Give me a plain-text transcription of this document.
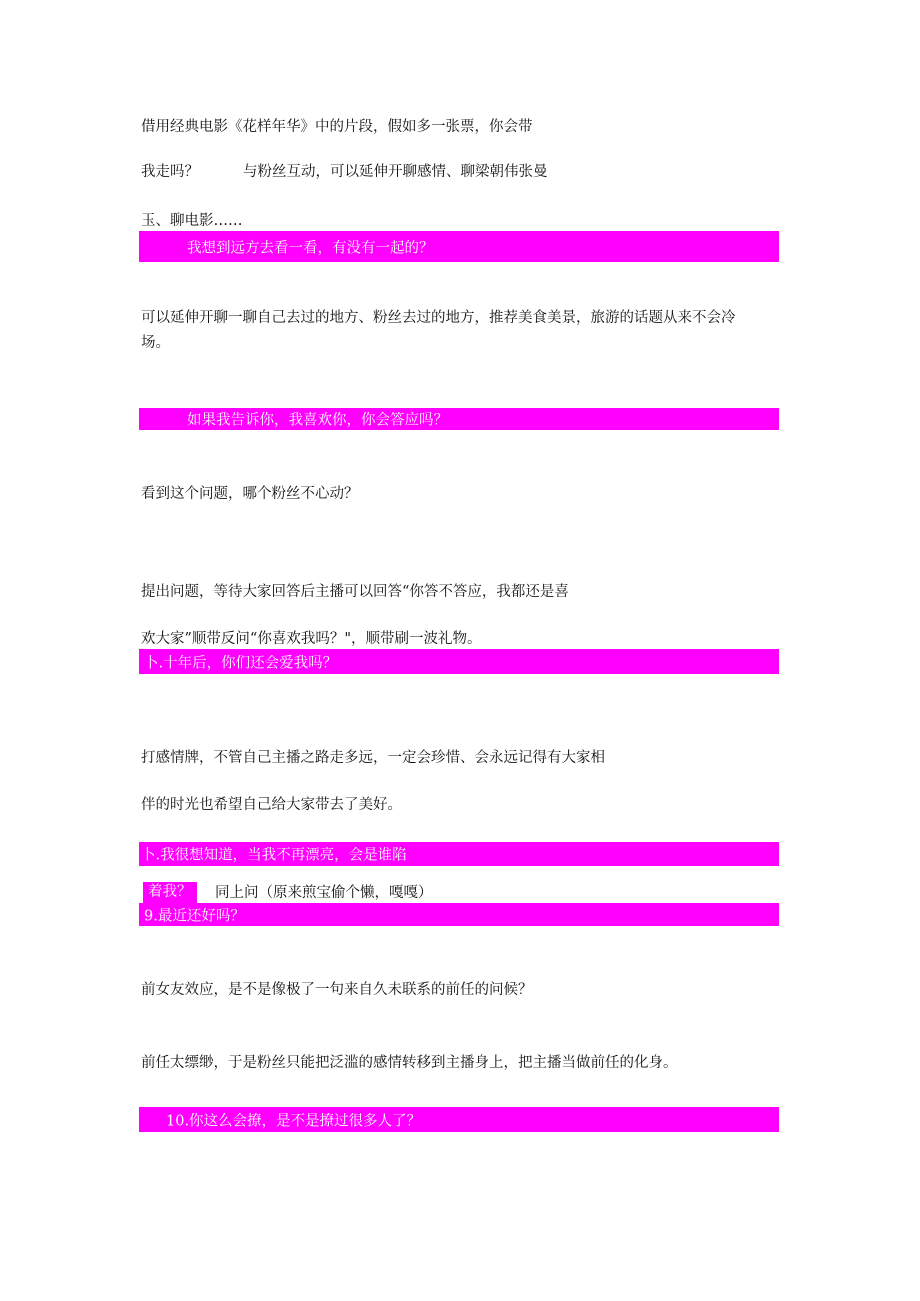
借用经典电影《花样年华》中的片段，假如多一张票，你会带
我走吗？	与粉丝互动，可以延伸开聊感情、聊梁朝伟张曼
玉、聊电影……
我想到远方去看一看，有没有一起的？
可以延伸开聊一聊自己去过的地方、粉丝去过的地方，推荐美食美景，旅游的话题从来不会冷
场。
如果我告诉你，我喜欢你，你会答应吗？
看到这个问题，哪个粉丝不心动？
提出问题，等待大家回答后主播可以回答“你答不答应，我都还是喜
欢大家”顺带反问“你喜欢我吗？"，顺带刷一波礼物。
卜.十年后，你们还会爱我吗？
打感情牌，不管自己主播之路走多远，一定会珍惜、会永远记得有大家相
伴的时光也希望自己给大家带去了美好。
卜.我很想知道，当我不再漂亮，会是谁陷
着我？	同上问（原来煎宝偷个懒，嘎嘎）
9.最近还好吗？
前女友效应，是不是像极了一句来自久未联系的前任的问候？
前任太缥缈，于是粉丝只能把泛滥的感情转移到主播身上，把主播当做前任的化身。
10.你这么会撩，是不是撩过很多人了？
